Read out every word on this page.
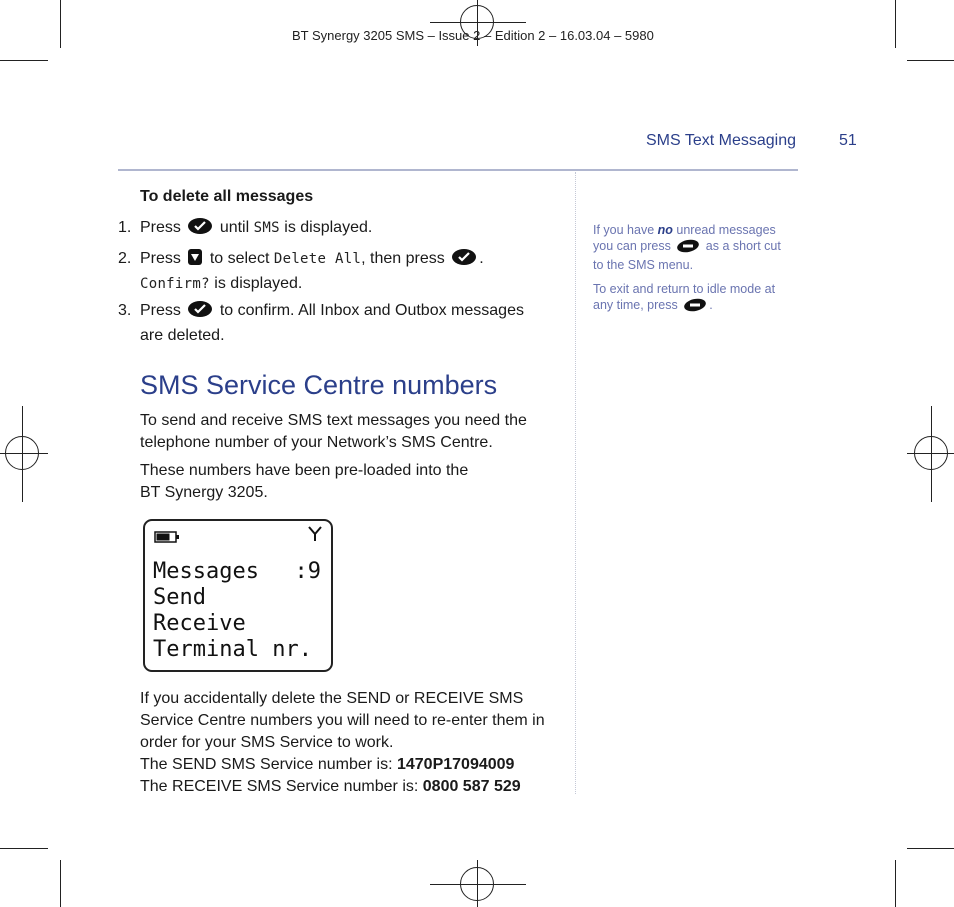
BT Synergy 3205 SMS – Issue 2 – Edition 2 – 16.03.04 – 5980
SMS Text Messaging	51
To delete all messages
1. Press until SMS is displayed.
2. Press to select Delete All, then press .
Confirm? is displayed.
3. Press to confirm. All Inbox and Outbox messages are deleted.
SMS Service Centre numbers
To send and receive SMS text messages you need the telephone number of your Network’s SMS Centre.
These numbers have been pre-loaded into the
BT Synergy 3205.
Messages :9
Send
Receive
Terminal nr.
If you accidentally delete the SEND or RECEIVE SMS Service Centre numbers you will need to re-enter them in order for your SMS Service to work.
The SEND SMS Service number is: 1470P17094009
The RECEIVE SMS Service number is: 0800 587 529

If you have no unread messages you can press	as a short cut to the SMS menu.

To exit and return to idle mode at any time, press	.
